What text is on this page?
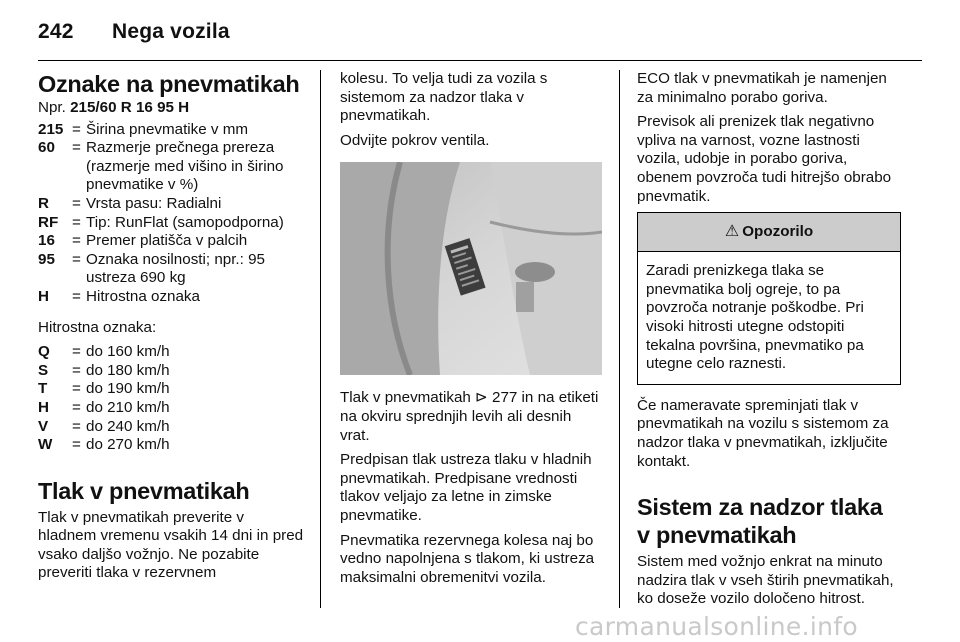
242 Nega vozila
Oznake na pnevmatikah
Npr. 215/60 R 16 95 H
215	=	Širina pnevmatike v mm
60	=	Razmerje prečnega prereza (razmerje med višino in širino pnevmatike v %)
R	=	Vrsta pasu: Radialni
RF	=	Tip: RunFlat (samopodporna)
16	=	Premer platišča v palcih
95	=	Oznaka nosilnosti; npr.: 95 ustreza 690 kg
H	=	Hitrostna oznaka
Hitrostna oznaka:
Q	=	do 160 km/h
S	=	do 180 km/h
T	=	do 190 km/h
H	=	do 210 km/h
V	=	do 240 km/h
W	=	do 270 km/h
Tlak v pnevmatikah
Tlak v pnevmatikah preverite v hladnem vremenu vsakih 14 dni in pred vsako daljšo vožnjo. Ne pozabite preveriti tlaka v rezervnem
kolesu. To velja tudi za vozila s sistemom za nadzor tlaka v pnevmatikah.
Odvijte pokrov ventila.
Tlak v pnevmatikah ⊳ 277 in na etiketi na okviru sprednjih levih ali desnih vrat.
Predpisan tlak ustreza tlaku v hladnih pnevmatikah. Predpisane vrednosti tlakov veljajo za letne in zimske pnevmatike.
Pnevmatika rezervnega kolesa naj bo vedno napolnjena s tlakom, ki ustreza maksimalni obremenitvi vozila.
ECO tlak v pnevmatikah je namenjen za minimalno porabo goriva.
Previsok ali prenizek tlak negativno vpliva na varnost, vozne lastnosti vozila, udobje in porabo goriva, obenem povzroča tudi hitrejšo obrabo pnevmatik.
⚠ Opozorilo
Zaradi prenizkega tlaka se pnevmatika bolj ogreje, to pa povzroča notranje poškodbe. Pri visoki hitrosti utegne odstopiti tekalna površina, pnevmatiko pa utegne celo raznesti.
Če nameravate spreminjati tlak v pnevmatikah na vozilu s sistemom za nadzor tlaka v pnevmatikah, izključite kontakt.
Sistem za nadzor tlaka v pnevmatikah
Sistem med vožnjo enkrat na minuto nadzira tlak v vseh štirih pnevmatikah, ko doseže vozilo določeno hitrost.
carmanualsonline.info
